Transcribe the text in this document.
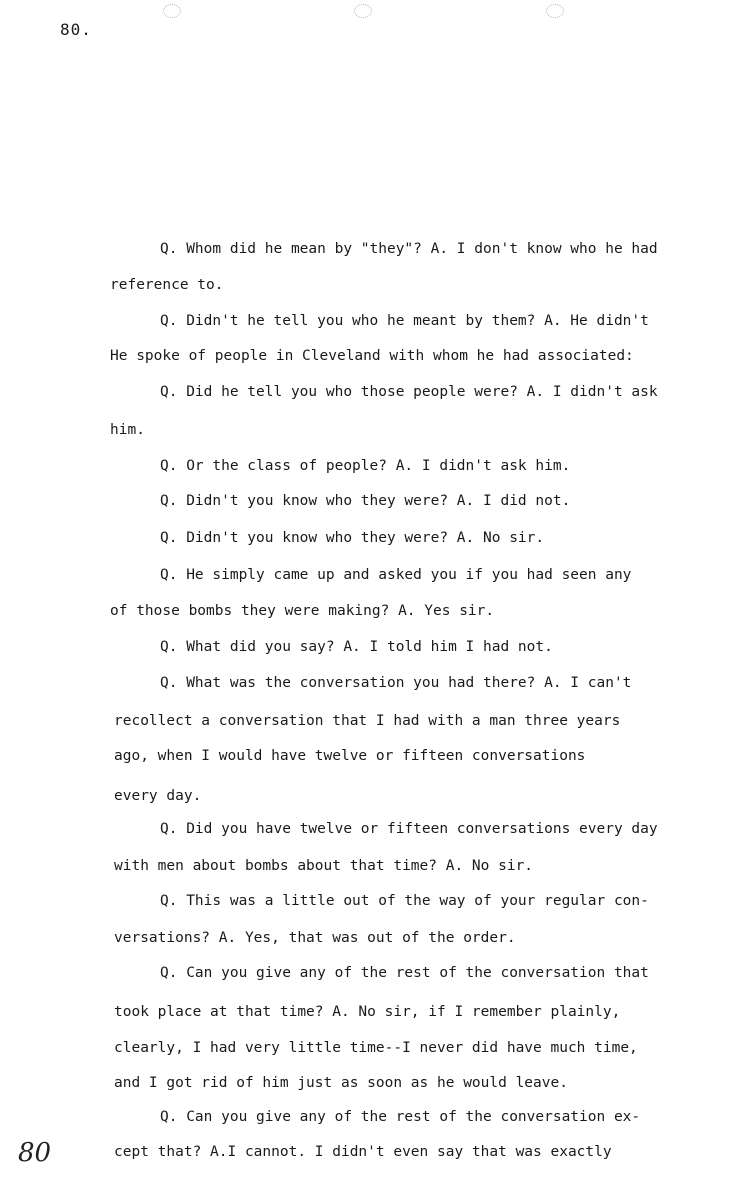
80.
Q. Whom did he mean by "they"? A. I don't know who he had
reference to.
Q. Didn't he tell you who he meant by them? A. He didn't
He spoke of people in Cleveland with whom he had associated:
Q. Did he tell you who those people were? A. I didn't ask
him.
Q. Or the class of people? A. I didn't ask him.
Q. Didn't you know who they were? A. I did not.
Q. Didn't you know who they were? A. No sir.
Q. He simply came up and asked you if you had seen any
of those bombs they were making? A. Yes sir.
Q. What did you say? A. I told him I had not.
Q. What was the conversation you had there? A. I can't
recollect a conversation that I had with a man three years
ago, when I would have twelve or fifteen conversations
every day.
Q. Did you have twelve or fifteen conversations every day
with men about bombs about that time? A. No sir.
Q. This was a little out of the way of your regular con-
versations? A. Yes, that was out of the order.
Q. Can you give any of the rest of the conversation that
took place at that time? A. No sir, if I remember plainly,
clearly, I had very little time--I never did have much time,
and I got rid of him just as soon as he would leave.
Q. Can you give any of the rest of the conversation ex-
cept that? A.I cannot. I didn't even say that was exactly
80
